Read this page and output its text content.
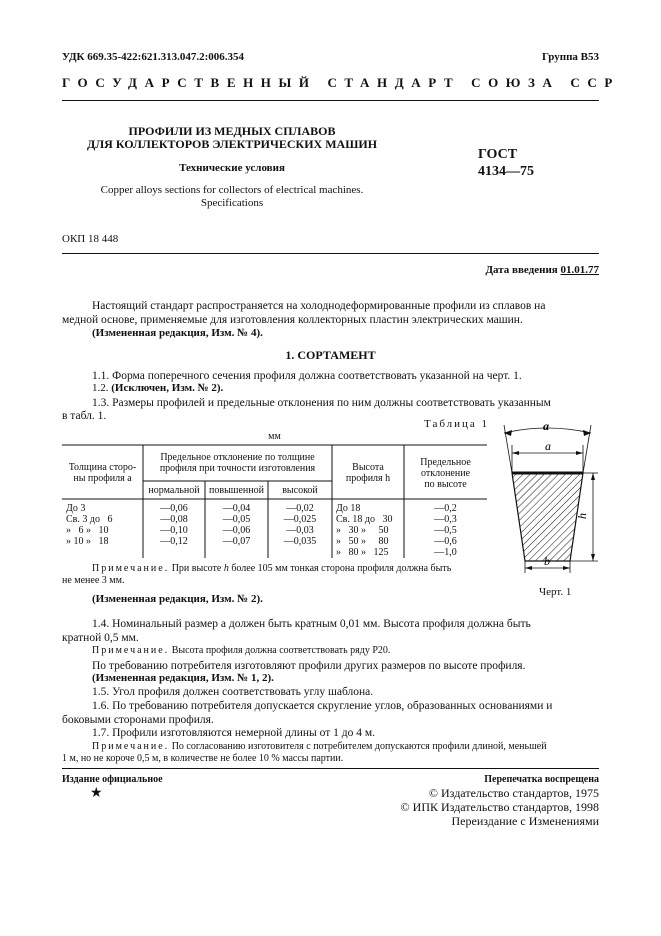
УДК 669.35-422:621.313.047.2:006.354	Группа В53
ГОСУДАРСТВЕННЫЙ СТАНДАРТ СОЮЗА ССР
ПРОФИЛИ ИЗ МЕДНЫХ СПЛАВОВ
ДЛЯ КОЛЛЕКТОРОВ ЭЛЕКТРИЧЕСКИХ МАШИН
Технические условия
Copper alloys sections for collectors of electrical machines.
Specifications
ГОСТ
4134—75
ОКП 18 448
Дата введения 01.01.77

Настоящий стандарт распространяется на холоднодеформированные профили из сплавов на

медной основе, применяемые для изготовления коллекторных пластин электрических машин.

(Измененная редакция, Изм. № 4).
1. СОРТАМЕНТ

1.1. Форма поперечного сечения профиля должна соответствовать указанной на черт. 1.

1.2. (Исключен, Изм. № 2).

1.3. Размеры профилей и предельные отклонения по ним должны соответствовать указанным

в табл. 1.

Таблица 1
мм
Толщина сторо-
ны профиля a
Предельное отклонение по толщине
профиля при точности изготовления
нормальной повышенной	высокой
Высота
профиля h
Предельное
отклонение
по высоте
До 3	—0,06	—0,04	—0,02	До 18	—0,2
Св. 3 до   6	—0,08	—0,05	—0,025	Св. 18 до   30	—0,3
»   6 »   10	—0,10	—0,06	—0,03	»   30 »     50	—0,5
» 10 »   18	—0,12	—0,07	—0,035	»   50 »     80	—0,6
				»   80 »   125	—1,0
a
a
h
b
Черт. 1
Примечание. При высоте h более 105 мм тонкая сторона профиля должна быть
не менее 3 мм.
(Измененная редакция, Изм. № 2).

1.4. Номинальный размер a должен быть кратным 0,01 мм. Высота профиля должна быть

кратной 0,5 мм.

Примечание. Высота профиля должна соответствовать ряду Р20.

По требованию потребителя изготовляют профили других размеров по высоте профиля.

(Измененная редакция, Изм. № 1, 2).

1.5. Угол профиля должен соответствовать углу шаблона.

1.6. По требованию потребителя допускается скругление углов, образованных основаниями и

боковыми сторонами профиля.

1.7. Профили изготовляются немерной длины от 1 до 4 м.

Примечание. По согласованию изготовителя с потребителем допускаются профили длиной, меньшей
1 м, но не короче 0,5 м, в количестве не более 10 % массы партии.
Издание официальное
★
Перепечатка воспрещена
© Издательство стандартов, 1975
© ИПК Издательство стандартов, 1998
Переиздание с Изменениями
